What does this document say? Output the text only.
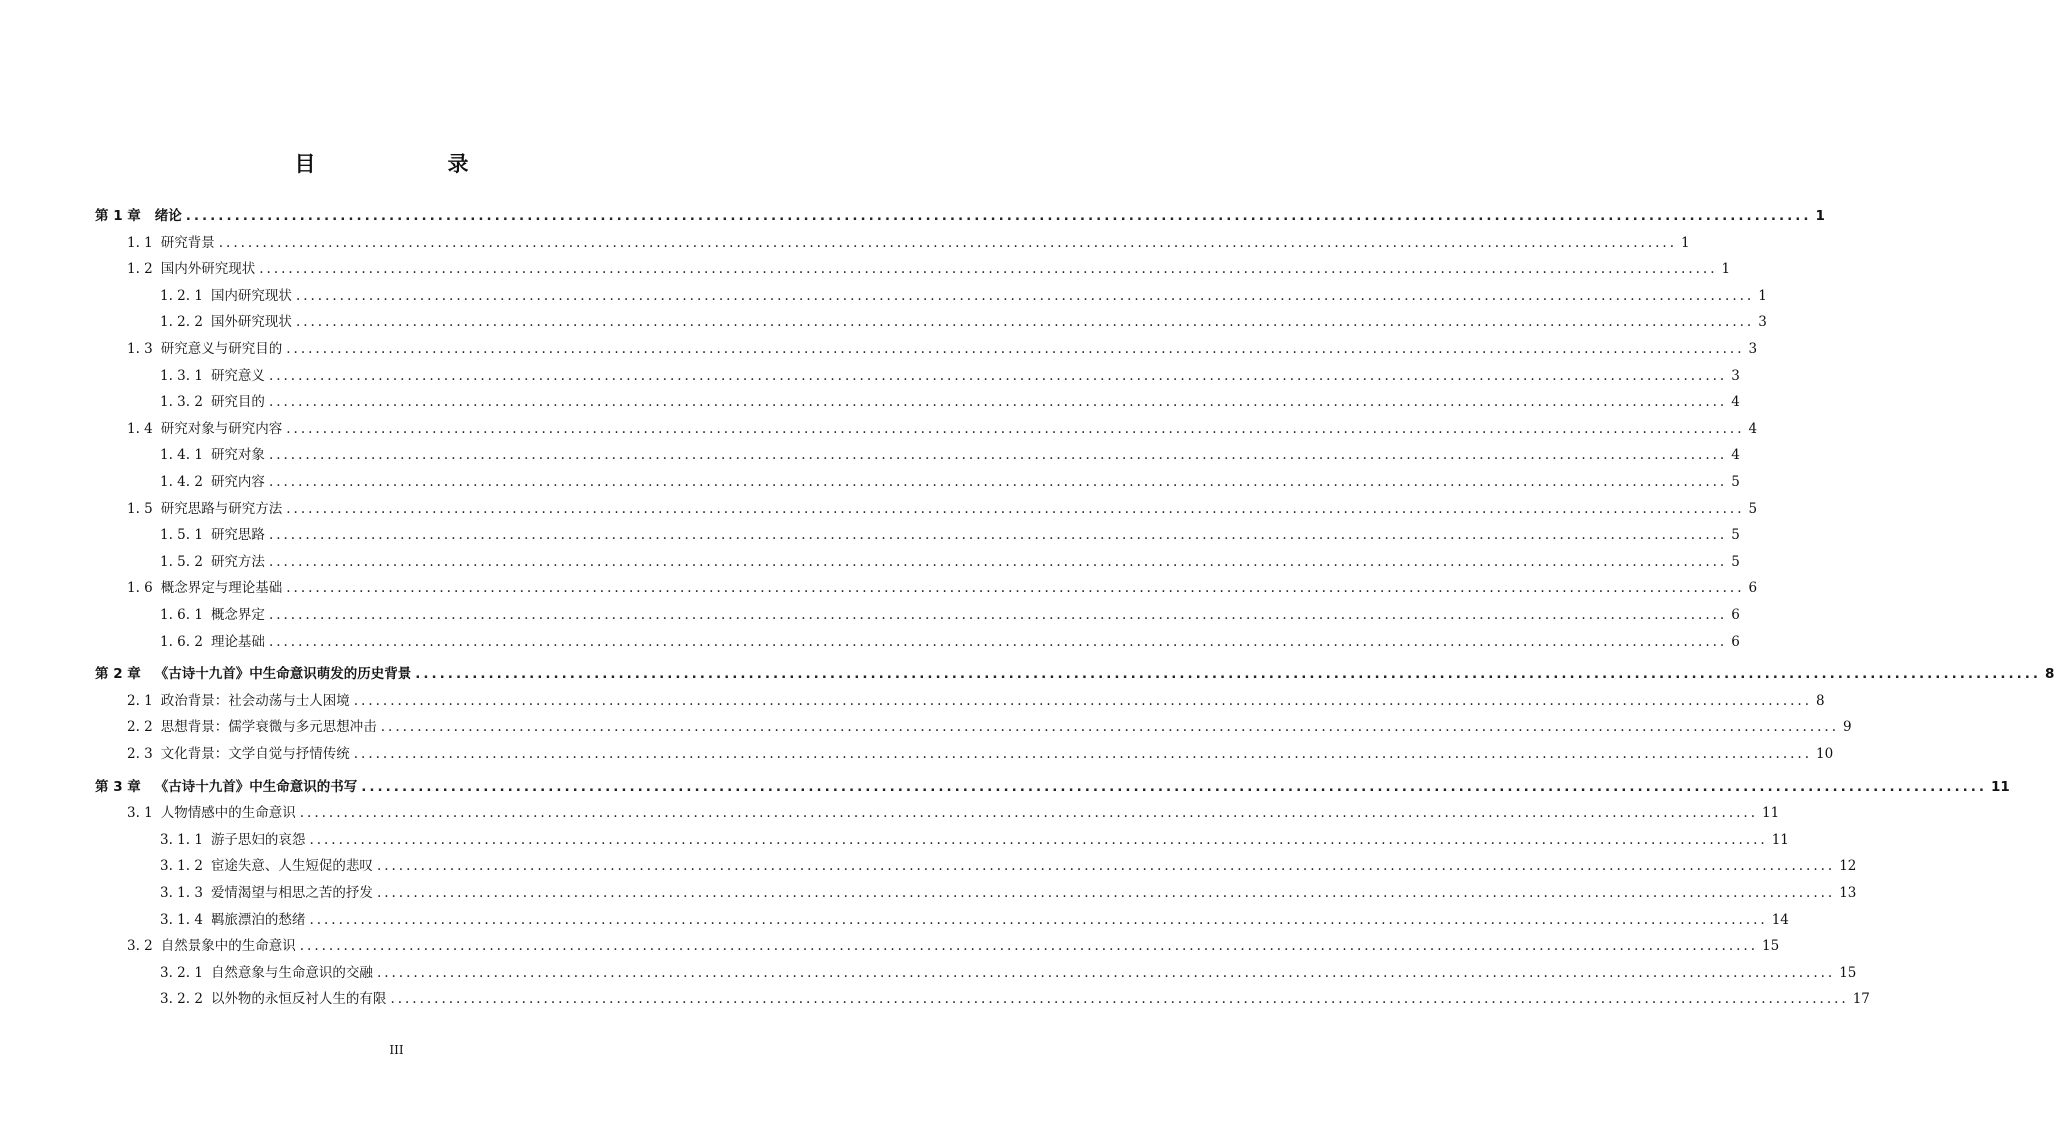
目　　录
第 1 章	绪论 ........................................................................................................................................................................................................ 1
1. 1 研究背景 ........................................................................................................................................................................................................ 1
1. 2 国内外研究现状 ........................................................................................................................................................................................................ 1
1. 2. 1 国内研究现状 ........................................................................................................................................................................................................ 1
1. 2. 2 国外研究现状 ........................................................................................................................................................................................................ 3
1. 3 研究意义与研究目的 ........................................................................................................................................................................................................ 3
1. 3. 1 研究意义 ........................................................................................................................................................................................................ 3
1. 3. 2 研究目的 ........................................................................................................................................................................................................ 4
1. 4 研究对象与研究内容 ........................................................................................................................................................................................................ 4
1. 4. 1 研究对象 ........................................................................................................................................................................................................ 4
1. 4. 2 研究内容 ........................................................................................................................................................................................................ 5
1. 5 研究思路与研究方法 ........................................................................................................................................................................................................ 5
1. 5. 1 研究思路 ........................................................................................................................................................................................................ 5
1. 5. 2 研究方法 ........................................................................................................................................................................................................ 5
1. 6 概念界定与理论基础 ........................................................................................................................................................................................................ 6
1. 6. 1 概念界定 ........................................................................................................................................................................................................ 6
1. 6. 2 理论基础 ........................................................................................................................................................................................................ 6
第 2 章	《古诗十九首》中生命意识萌发的历史背景 ........................................................................................................................................................................................................ 8
2. 1 政治背景：社会动荡与士人困境 ........................................................................................................................................................................................................ 8
2. 2 思想背景：儒学衰微与多元思想冲击 ........................................................................................................................................................................................................ 9
2. 3 文化背景：文学自觉与抒情传统 ........................................................................................................................................................................................................ 10
第 3 章	《古诗十九首》中生命意识的书写 ........................................................................................................................................................................................................ 11
3. 1 人物情感中的生命意识 ........................................................................................................................................................................................................ 11
3. 1. 1 游子思妇的哀怨 ........................................................................................................................................................................................................ 11
3. 1. 2 宦途失意、人生短促的悲叹 ........................................................................................................................................................................................................ 12
3. 1. 3 爱情渴望与相思之苦的抒发 ........................................................................................................................................................................................................ 13
3. 1. 4 羁旅漂泊的愁绪 ........................................................................................................................................................................................................ 14
3. 2 自然景象中的生命意识 ........................................................................................................................................................................................................ 15
3. 2. 1 自然意象与生命意识的交融 ........................................................................................................................................................................................................ 15
3. 2. 2 以外物的永恒反衬人生的有限 ........................................................................................................................................................................................................ 17
III
